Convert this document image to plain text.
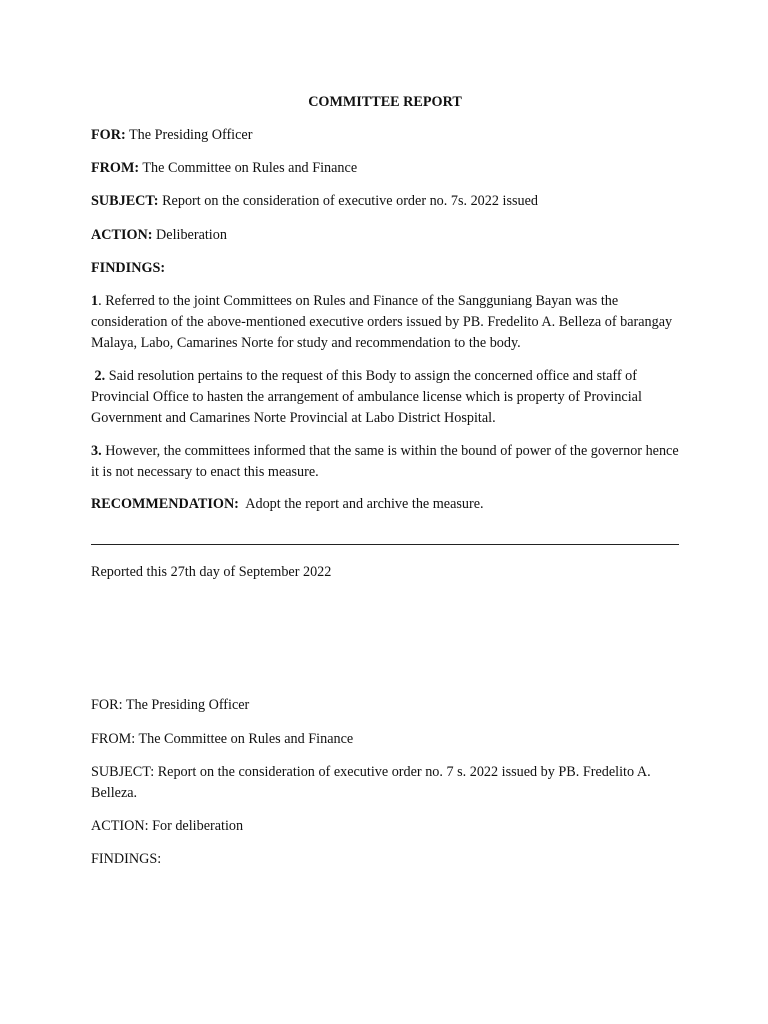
COMMITTEE REPORT

FOR: The Presiding Officer

FROM: The Committee on Rules and Finance

SUBJECT: Report on the consideration of executive order no. 7s. 2022 issued

ACTION: Deliberation

FINDINGS:

1. Referred to the joint Committees on Rules and Finance of the Sangguniang Bayan was the consideration of the above-mentioned executive orders issued by PB. Fredelito A. Belleza of barangay Malaya, Labo, Camarines Norte for study and recommendation to the body.

2. Said resolution pertains to the request of this Body to assign the concerned office and staff of Provincial Office to hasten the arrangement of ambulance license which is property of Provincial Government and Camarines Norte Provincial at Labo District Hospital.

3. However, the committees informed that the same is within the bound of power of the governor hence it is not necessary to enact this measure.

RECOMMENDATION: Adopt the report and archive the measure.

Reported this 27th day of September 2022

FOR: The Presiding Officer

FROM: The Committee on Rules and Finance

SUBJECT: Report on the consideration of executive order no. 7 s. 2022 issued by PB. Fredelito A. Belleza.

ACTION: For deliberation

FINDINGS:
